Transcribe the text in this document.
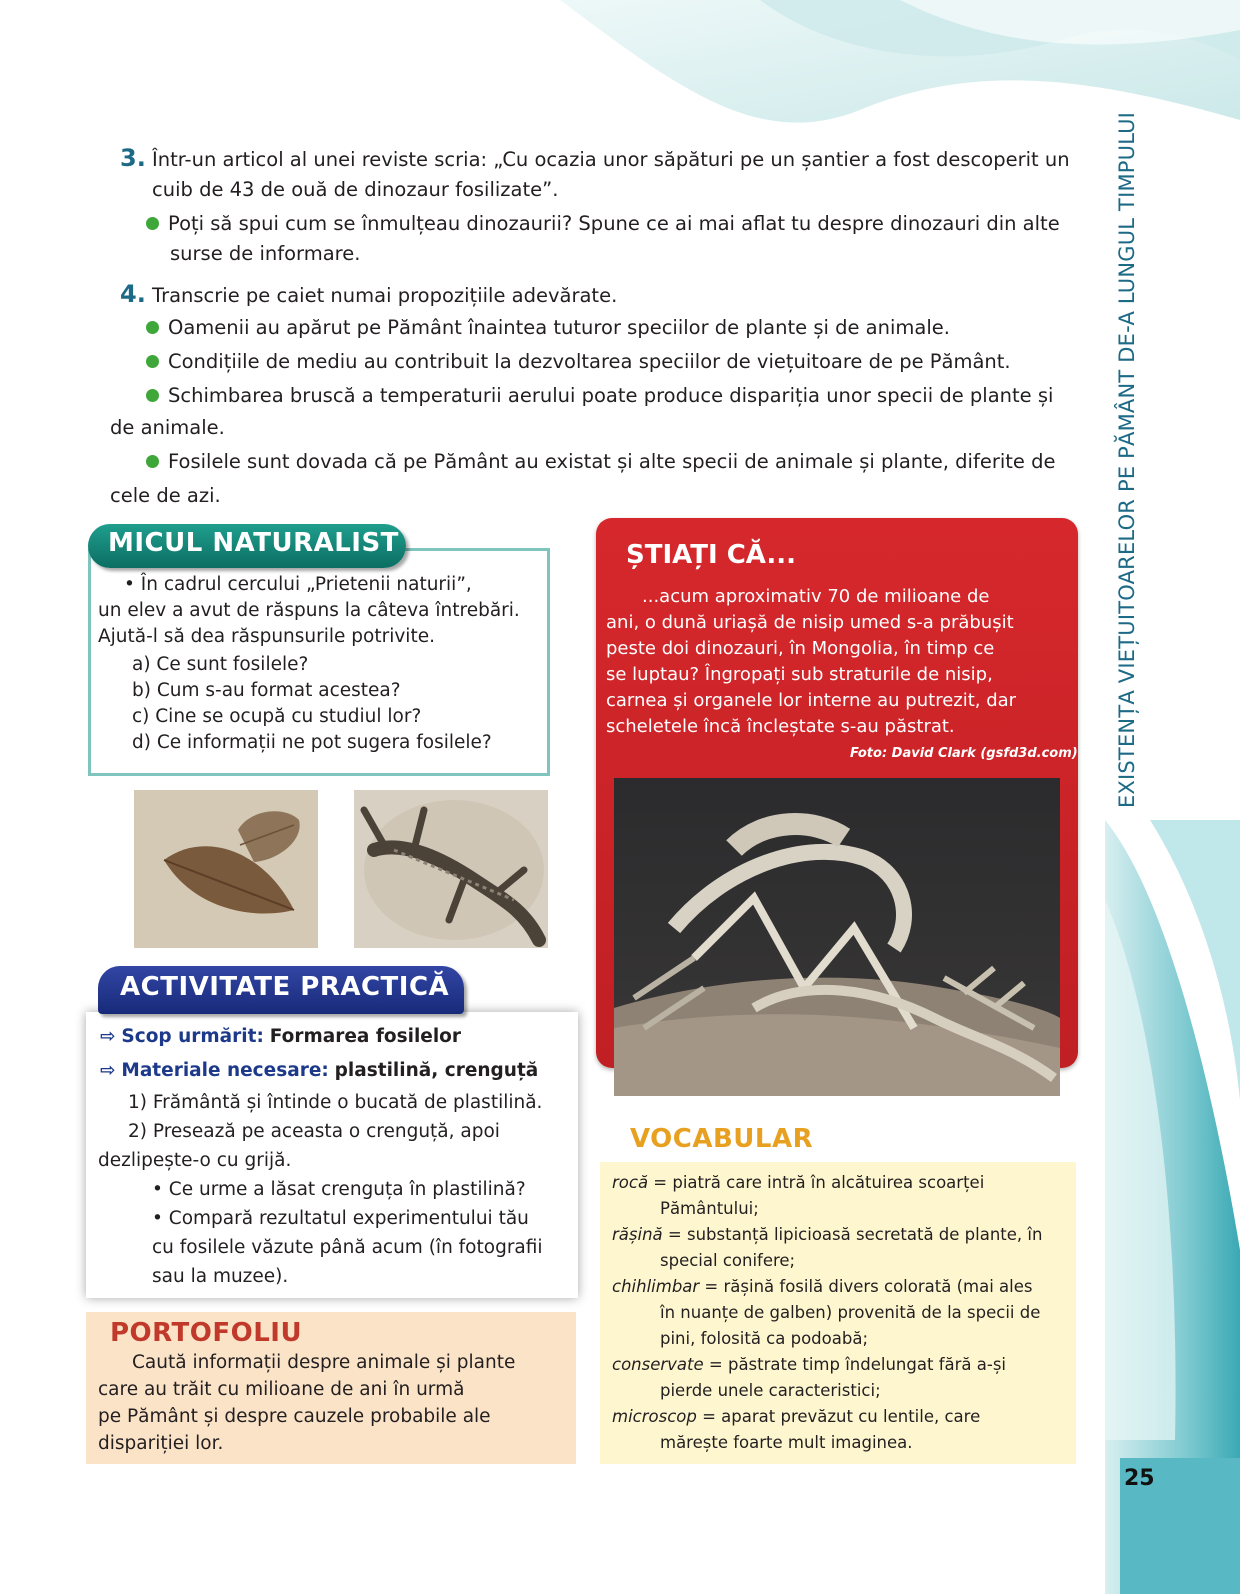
EXISTENȚA VIEȚUITOARELOR PE PĂMÂNT DE-A LUNGUL TIMPULUI
25
3. Într-un articol al unei reviste scria: „Cu ocazia unor săpături pe un șantier a fost descoperit un
cuib de 43 de ouă de dinozaur fosilizate”.
Poți să spui cum se înmulțeau dinozaurii? Spune ce ai mai aflat tu despre dinozauri din alte
surse de informare.
4. Transcrie pe caiet numai propozițiile adevărate.
Oamenii au apărut pe Pământ înaintea tuturor speciilor de plante și de animale.
Condițiile de mediu au contribuit la dezvoltarea speciilor de viețuitoare de pe Pământ.
Schimbarea bruscă a temperaturii aerului poate produce dispariția unor specii de plante și
de animale.
Fosilele sunt dovada că pe Pământ au existat și alte specii de animale și plante, diferite de
cele de azi.
MICUL NATURALIST
• În cadrul cercului „Prietenii naturii”,
un elev a avut de răspuns la câteva întrebări.
Ajută-l să dea răspunsurile potrivite.
a) Ce sunt fosilele?
b) Cum s-au format acestea?
c) Cine se ocupă cu studiul lor?
d) Ce informații ne pot sugera fosilele?
ACTIVITATE PRACTICĂ
⇨ Scop urmărit: Formarea fosilelor
⇨ Materiale necesare: plastilină, crenguță
1) Frământă și întinde o bucată de plastilină.
2) Presează pe aceasta o crenguță, apoi
dezlipește-o cu grijă.
• Ce urme a lăsat crenguța în plastilină?
• Compară rezultatul experimentului tău
cu fosilele văzute până acum (în fotografii
sau la muzee).
PORTOFOLIU
Caută informații despre animale și plante
care au trăit cu milioane de ani în urmă
pe Pământ și despre cauzele probabile ale
dispariției lor.
ȘTIAȚI CĂ...
...acum aproximativ 70 de milioane de
ani, o dună uriașă de nisip umed s-a prăbușit
peste doi dinozauri, în Mongolia, în timp ce
se luptau? Îngropați sub straturile de nisip,
carnea și organele lor interne au putrezit, dar
scheletele încă încleștate s-au păstrat.
Foto: David Clark (gsfd3d.com)
VOCABULAR
rocă = piatră care intră în alcătuirea scoarței
Pământului;
rășină = substanță lipicioasă secretată de plante, în
special conifere;
chihlimbar = rășină fosilă divers colorată (mai ales
în nuanțe de galben) provenită de la specii de
pini, folosită ca podoabă;
conservate = păstrate timp îndelungat fără a-și
pierde unele caracteristici;
microscop = aparat prevăzut cu lentile, care
mărește foarte mult imaginea.
